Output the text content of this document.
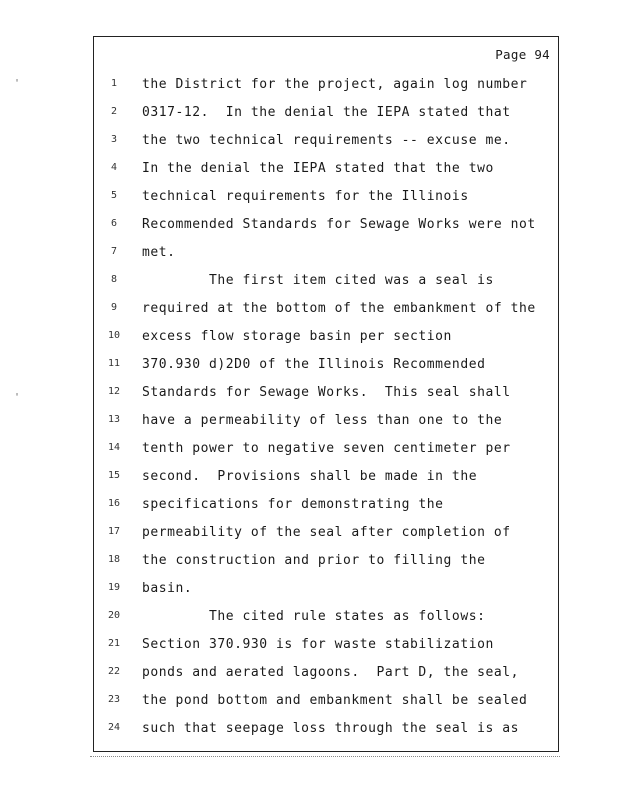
'
'
Page 94
1	the District for the project, again log number
2	0317-12.  In the denial the IEPA stated that
3	the two technical requirements -- excuse me.
4	In the denial the IEPA stated that the two
5	technical requirements for the Illinois
6	Recommended Standards for Sewage Works were not
7	met.
8	The first item cited was a seal is
9	required at the bottom of the embankment of the
10	excess flow storage basin per section
11	370.930 d)2D0 of the Illinois Recommended
12	Standards for Sewage Works.  This seal shall
13	have a permeability of less than one to the
14	tenth power to negative seven centimeter per
15	second.  Provisions shall be made in the
16	specifications for demonstrating the
17	permeability of the seal after completion of
18	the construction and prior to filling the
19	basin.
20	The cited rule states as follows:
21	Section 370.930 is for waste stabilization
22	ponds and aerated lagoons.  Part D, the seal,
23	the pond bottom and embankment shall be sealed
24	such that seepage loss through the seal is as
